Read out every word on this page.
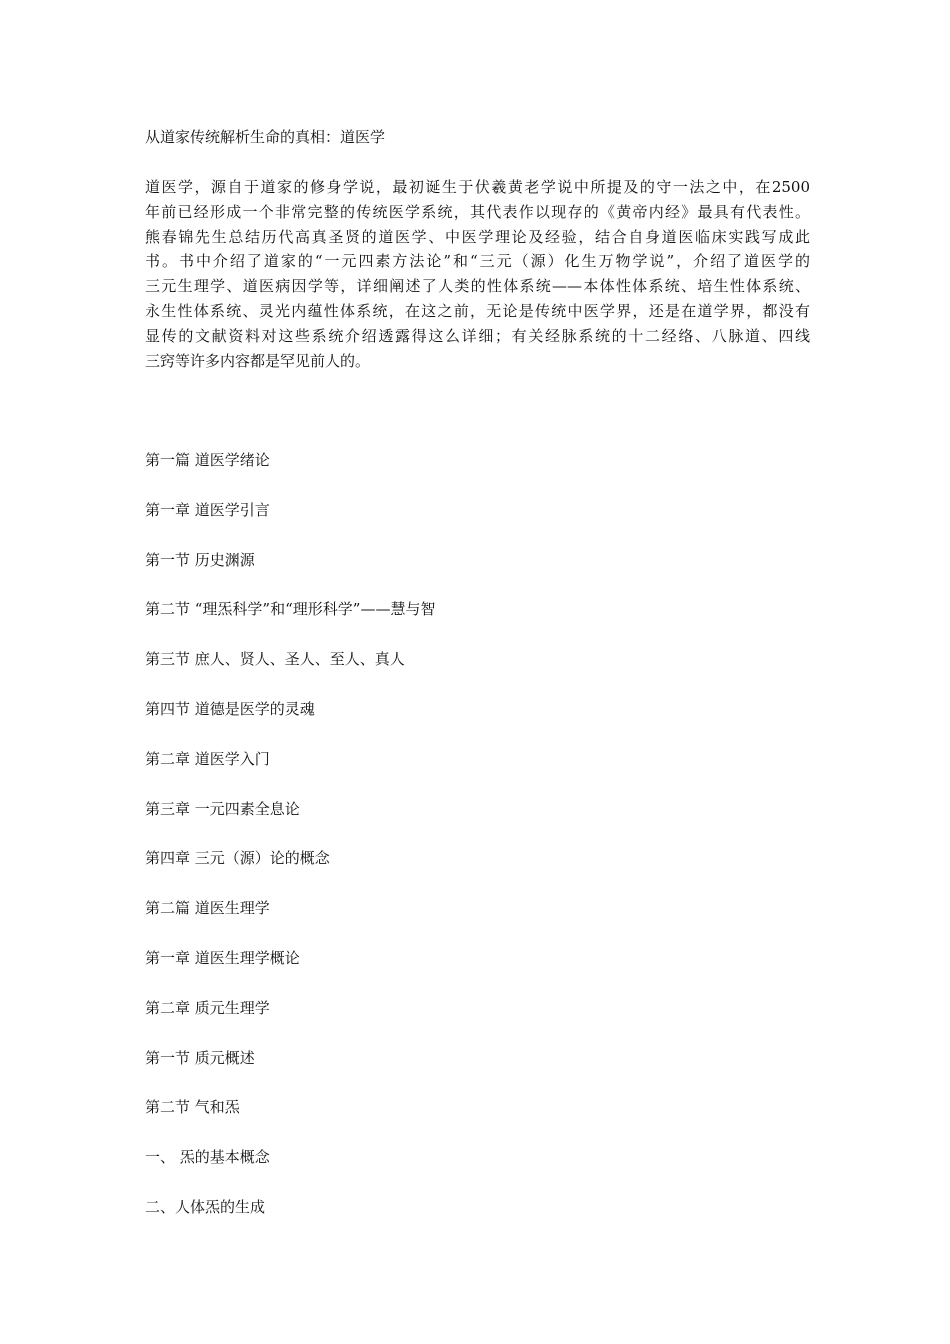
从道家传统解析生命的真相：道医学
道医学，源自于道家的修身学说，最初诞生于伏羲黄老学说中所提及的守一法之中，在2500
年前已经形成一个非常完整的传统医学系统，其代表作以现存的《黄帝内经》最具有代表性。
熊春锦先生总结历代高真圣贤的道医学、中医学理论及经验，结合自身道医临床实践写成此
书。书中介绍了道家的“一元四素方法论”和“三元（源）化生万物学说”，介绍了道医学的
三元生理学、道医病因学等，详细阐述了人类的性体系统——本体性体系统、培生性体系统、
永生性体系统、灵光内蕴性体系统，在这之前，无论是传统中医学界，还是在道学界，都没有
显传的文献资料对这些系统介绍透露得这么详细；有关经脉系统的十二经络、八脉道、四线
三窍等许多内容都是罕见前人的。
第一篇 道医学绪论
第一章 道医学引言
第一节 历史渊源
第二节 “理炁科学”和“理形科学”——慧与智
第三节 庶人、贤人、圣人、至人、真人
第四节 道德是医学的灵魂
第二章 道医学入门
第三章 一元四素全息论
第四章 三元（源）论的概念
第二篇 道医生理学
第一章 道医生理学概论
第二章 质元生理学
第一节 质元概述
第二节 气和炁
一、 炁的基本概念
二、人体炁的生成
